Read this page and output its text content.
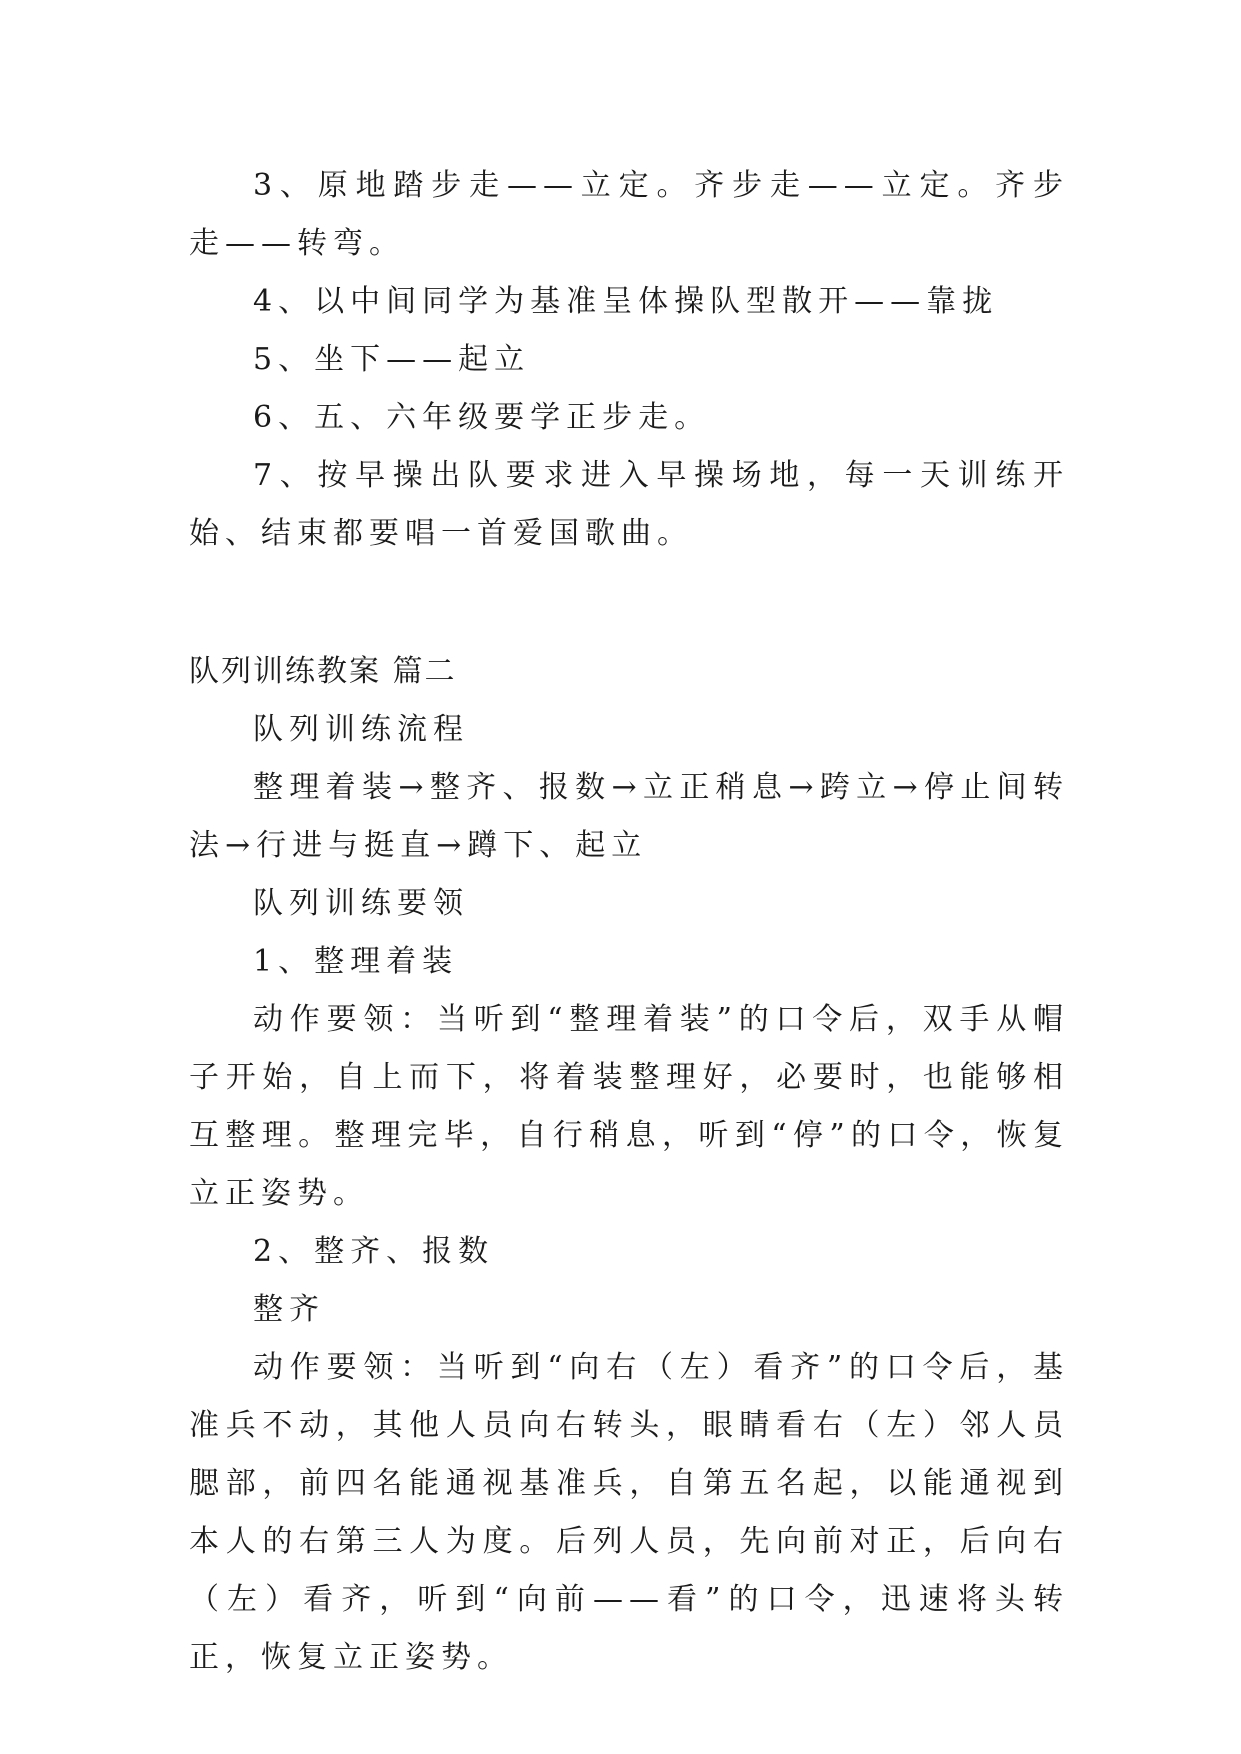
3、原地踏步走——立定。齐步走——立定。齐步走——转弯。

4、以中间同学为基准呈体操队型散开——靠拢

5、坐下——起立

6、五、六年级要学正步走。

7、按早操出队要求进入早操场地，每一天训练开始、结束都要唱一首爱国歌曲。

队列训练教案 篇二

队列训练流程

整理着装→整齐、报数→立正稍息→跨立→停止间转法→行进与挺直→蹲下、起立

队列训练要领

1、整理着装

动作要领：当听到“整理着装”的口令后，双手从帽子开始，自上而下，将着装整理好，必要时，也能够相互整理。整理完毕，自行稍息，听到“停”的口令，恢复立正姿势。

2、整齐、报数

整齐

动作要领：当听到“向右（左）看齐”的口令后，基准兵不动，其他人员向右转头，眼睛看右（左）邻人员腮部，前四名能通视基准兵，自第五名起，以能通视到本人的右第三人为度。后列人员，先向前对正，后向右（左）看齐，听到“向前——看”的口令，迅速将头转正，恢复立正姿势。
